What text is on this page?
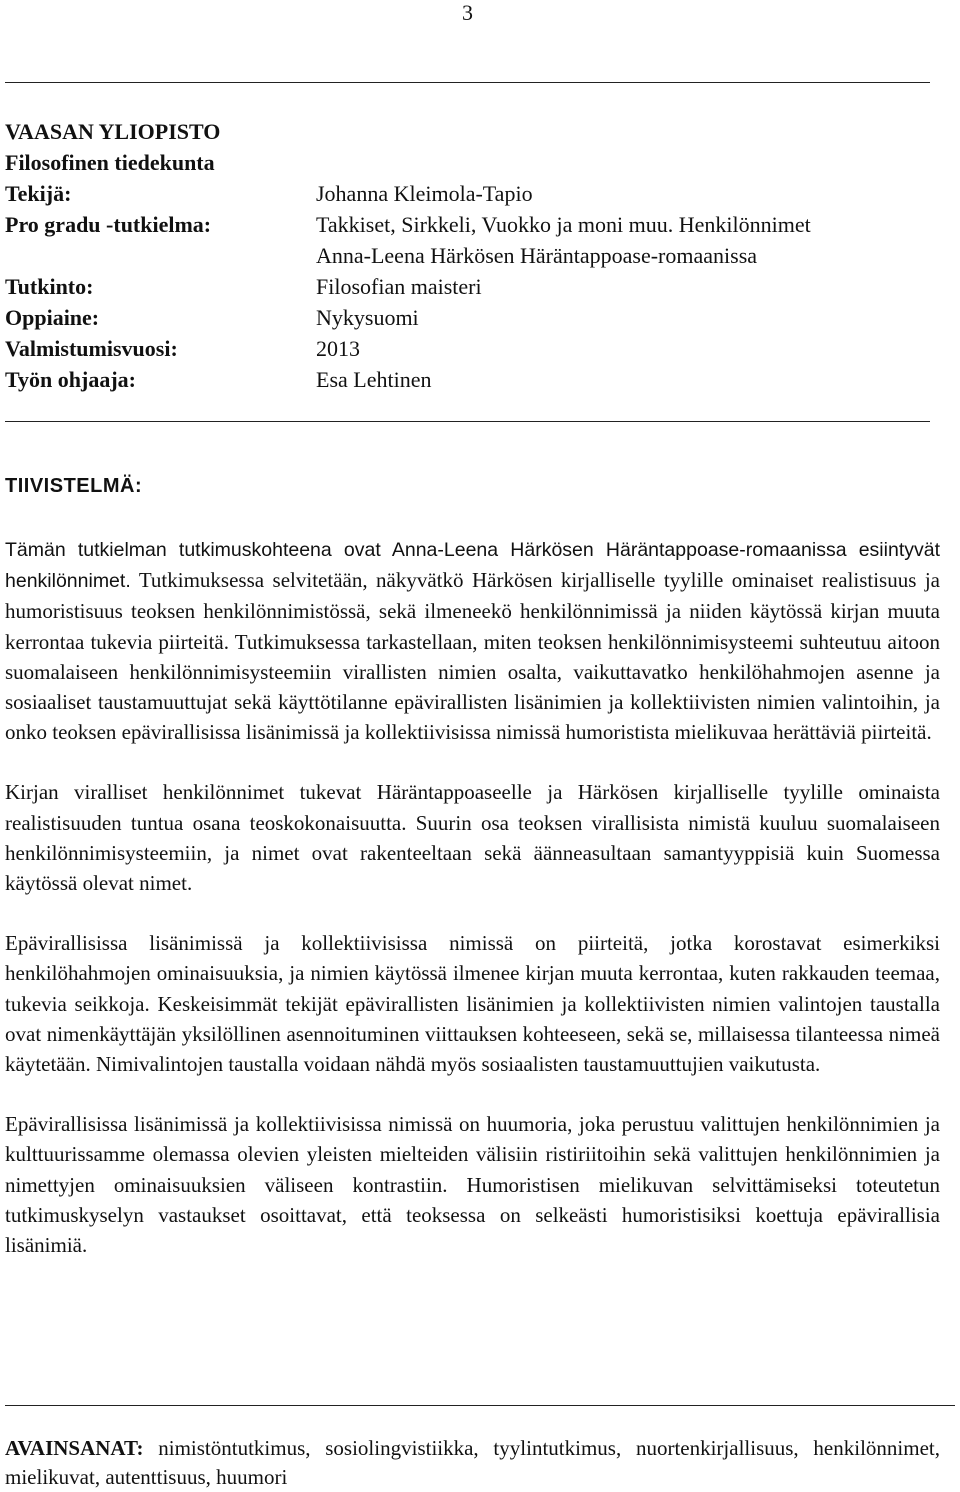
3
VAASAN YLIOPISTO
Filosofinen tiedekunta
Tekijä:	Johanna Kleimola-Tapio
Pro gradu -tutkielma:	Takkiset, Sirkkeli, Vuokko ja moni muu. Henkilönnimet
Anna-Leena Härkösen Häräntappoase-romaanissa
Tutkinto:	Filosofian maisteri
Oppiaine:	Nykysuomi
Valmistumisvuosi:	2013
Työn ohjaaja:	Esa Lehtinen
TIIVISTELMÄ:

Tämän tutkielman tutkimuskohteena ovat Anna-Leena Härkösen Häräntappoase-romaanissa esiintyvät henkilönnimet. Tutkimuksessa selvitetään, näkyvätkö Härkösen kirjalliselle tyylille ominaiset realistisuus ja humoristisuus teoksen henkilönnimistössä, sekä ilmeneekö henkilönnimissä ja niiden käytössä kirjan muuta kerrontaa tukevia piirteitä. Tutkimuksessa tarkastellaan, miten teoksen henkilönnimisysteemi suhteutuu aitoon suomalaiseen henkilönnimisysteemiin virallisten nimien osalta, vaikuttavatko henkilöhahmojen asenne ja sosiaaliset taustamuuttujat sekä käyttötilanne epävirallisten lisänimien ja kollektiivisten nimien valintoihin, ja onko teoksen epävirallisissa lisänimissä ja kollektiivisissa nimissä humoristista mielikuvaa herättäviä piirteitä.

Kirjan viralliset henkilönnimet tukevat Häräntappoaseelle ja Härkösen kirjalliselle tyylille ominaista realistisuuden tuntua osana teoskokonaisuutta. Suurin osa teoksen virallisista nimistä kuuluu suomalaiseen henkilönnimisysteemiin, ja nimet ovat rakenteeltaan sekä äänneasultaan samantyyppisiä kuin Suomessa käytössä olevat nimet.

Epävirallisissa lisänimissä ja kollektiivisissa nimissä on piirteitä, jotka korostavat esimerkiksi henkilöhahmojen ominaisuuksia, ja nimien käytössä ilmenee kirjan muuta kerrontaa, kuten rakkauden teemaa, tukevia seikkoja. Keskeisimmät tekijät epävirallisten lisänimien ja kollektiivisten nimien valintojen taustalla ovat nimenkäyttäjän yksilöllinen asennoituminen viittauksen kohteeseen, sekä se, millaisessa tilanteessa nimeä käytetään. Nimivalintojen taustalla voidaan nähdä myös sosiaalisten taustamuuttujien vaikutusta.

Epävirallisissa lisänimissä ja kollektiivisissa nimissä on huumoria, joka perustuu valittujen henkilönnimien ja kulttuurissamme olemassa olevien yleisten mielteiden välisiin ristiriitoihin sekä valittujen henkilönnimien ja nimettyjen ominaisuuksien väliseen kontrastiin. Humoristisen mielikuvan selvittämiseksi toteutetun tutkimuskyselyn vastaukset osoittavat, että teoksessa on selkeästi humoristisiksi koettuja epävirallisia lisänimiä.

AVAINSANAT: nimistöntutkimus, sosiolingvistiikka, tyylintutkimus, nuortenkirjallisuus, henkilönnimet, mielikuvat, autenttisuus, huumori
